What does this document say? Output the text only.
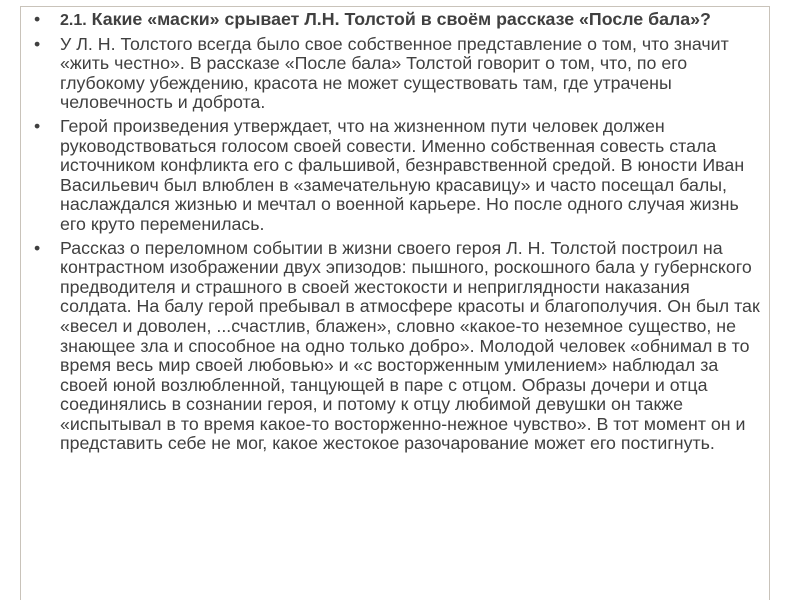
•	2.1. Какие «маски» срывает Л.Н. Толстой в своём рассказе «После бала»?
•	У Л. Н. Толстого всегда было свое собственное представление о том, что значит «жить честно». В рассказе «После бала» Толстой говорит о том, что, по его глубокому убеждению, красота не может существовать там, где утрачены человечность и доброта.
•	Герой произведения утверждает, что на жизненном пути человек должен руководствоваться голосом своей совести. Именно собственная совесть стала источником конфликта его с фальшивой, безнравственной средой. В юности Иван Васильевич был влюблен в «замечательную красавицу» и часто посещал балы, наслаждался жизнью и мечтал о военной карьере. Но после одного случая жизнь его круто переменилась.
•	Рассказ о переломном событии в жизни своего героя Л. Н. Толстой построил на контрастном изображении двух эпизодов: пышного, роскошного бала у губернского предводителя и страшного в своей жестокости и неприглядности наказания солдата. На балу герой пребывал в атмосфере красоты и благополучия. Он был так «весел и доволен, ...счастлив, блажен», словно «какое-то неземное существо, не знающее зла и способное на одно только добро». Молодой человек «обнимал в то время весь мир своей любовью» и «с восторженным умилением» наблюдал за своей юной возлюбленной, танцующей в паре с отцом. Образы дочери и отца соединялись в сознании героя, и потому к отцу любимой девушки он также «испытывал в то время какое-то восторженно-нежное чувство». В тот момент он и представить себе не мог, какое жестокое разочарование может его постигнуть.
